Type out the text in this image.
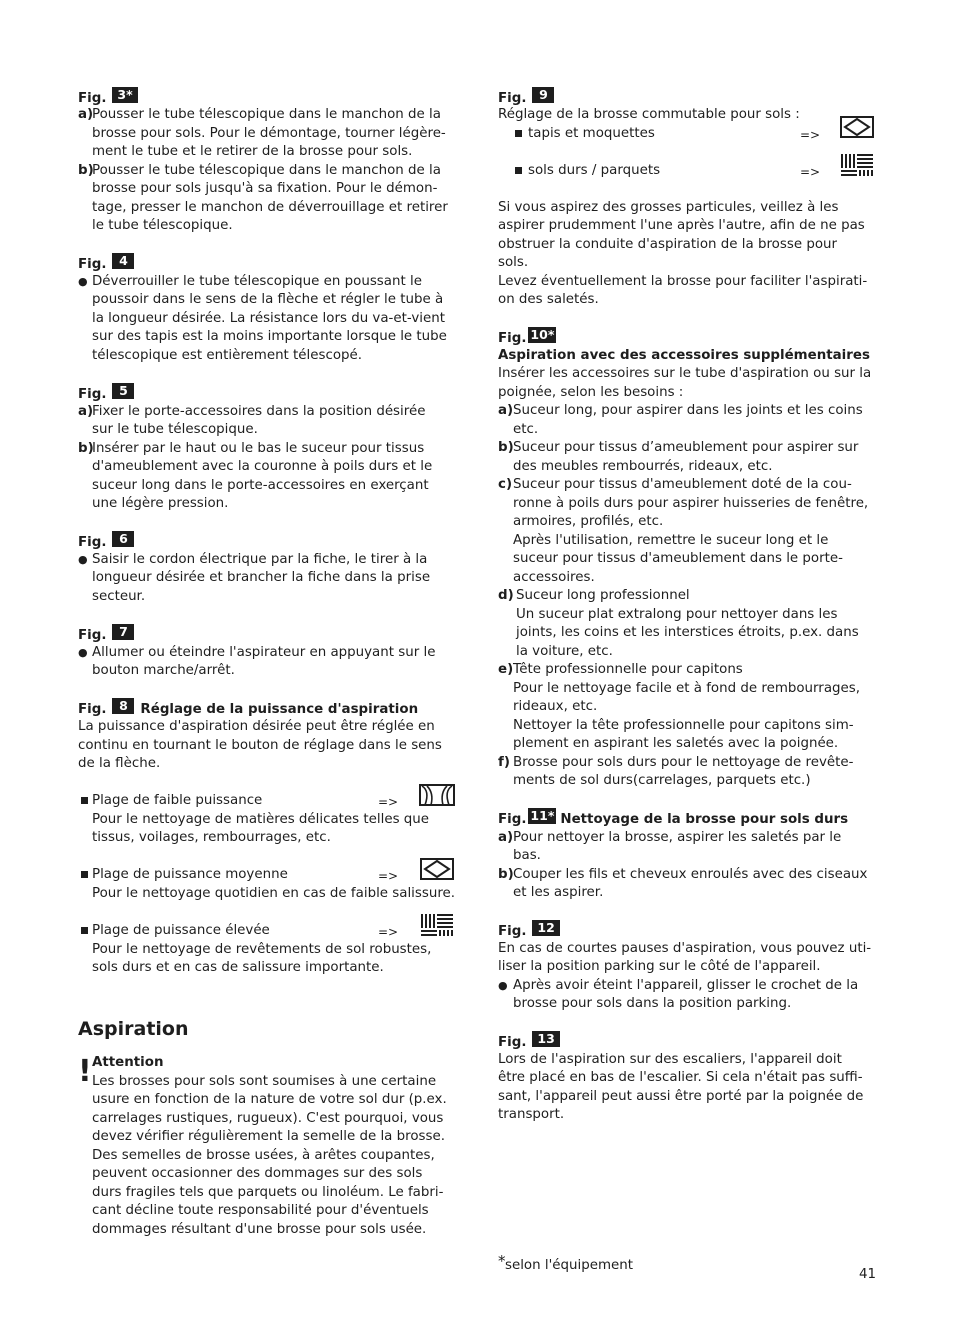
Fig. 3*
a)
Pousser le tube télescopique dans le manchon de la
brosse pour sols. Pour le démontage, tourner légère-
ment le tube et le retirer de la brosse pour sols.
b)
Pousser le tube télescopique dans le manchon de la
brosse pour sols jusqu'à sa fixation. Pour le démon-
tage, presser le manchon de déverrouillage et retirer
le tube télescopique.
Fig. 4
● Déverrouiller le tube télescopique en poussant le
poussoir dans le sens de la flèche et régler le tube à
la longueur désirée. La résistance lors du va-et-vient
sur des tapis est la moins importante lorsque le tube
télescopique est entièrement télescopé.
Fig. 5
a)
Fixer le porte-accessoires dans la position désirée
sur le tube télescopique.
b)
Insérer par le haut ou le bas le suceur pour tissus
d'ameublement avec la couronne à poils durs et le
suceur long dans le porte-accessoires en exerçant
une légère pression.
Fig. 6
● Saisir le cordon électrique par la fiche, le tirer à la
longueur désirée et brancher la fiche dans la prise
secteur.
Fig. 7
● Allumer ou éteindre l'aspirateur en appuyant sur le
bouton marche/arrêt.
Fig. 8 Réglage de la puissance d'aspiration
La puissance d'aspiration désirée peut être réglée en
continu en tournant le bouton de réglage dans le sens
de la flèche.
Plage de faible puissance	=>
Pour le nettoyage de matières délicates telles que
tissus, voilages, rembourrages, etc.
Plage de puissance moyenne	=>
Pour le nettoyage quotidien en cas de faible salissure.
Plage de puissance élevée	=>
Pour le nettoyage de revêtements de sol robustes,
sols durs et en cas de salissure importante.
Aspiration
! Attention
Les brosses pour sols sont soumises à une certaine
usure en fonction de la nature de votre sol dur (p.ex.
carrelages rustiques, rugueux). C'est pourquoi, vous
devez vérifier régulièrement la semelle de la brosse.
Des semelles de brosse usées, à arêtes coupantes,
peuvent occasionner des dommages sur des sols
durs fragiles tels que parquets ou linoléum. Le fabri-
cant décline toute responsabilité pour d'éventuels
dommages résultant d'une brosse pour sols usée.
Fig. 9
Réglage de la brosse commutable pour sols :
tapis et moquettes	=>
sols durs / parquets	=>
Si vous aspirez des grosses particules, veillez à les
aspirer prudemment l'une après l'autre, afin de ne pas
obstruer la conduite d'aspiration de la brosse pour
sols.
Levez éventuellement la brosse pour faciliter l'aspirati-
on des saletés.
Fig. 10*
Aspiration avec des accessoires supplémentaires
Insérer les accessoires sur le tube d'aspiration ou sur la
poignée, selon les besoins :
a) Suceur long, pour aspirer dans les joints et les coins
etc.
b) Suceur pour tissus d’ameublement pour aspirer sur
des meubles rembourrés, rideaux, etc.
c) Suceur pour tissus d'ameublement doté de la cou-
ronne à poils durs pour aspirer huisseries de fenêtre,
armoires, profilés, etc.
Après l'utilisation, remettre le suceur long et le
suceur pour tissus d'ameublement dans le porte-
accessoires.
d) Suceur long professionnel
Un suceur plat extralong pour nettoyer dans les
joints, les coins et les interstices étroits, p.ex. dans
la voiture, etc.
e) Tête professionnelle pour capitons
Pour le nettoyage facile et à fond de rembourrages,
rideaux, etc.
Nettoyer la tête professionnelle pour capitons sim-
plement en aspirant les saletés avec la poignée.
f) Brosse pour sols durs pour le nettoyage de revête-
ments de sol durs(carrelages, parquets etc.)
Fig. 11* Nettoyage de la brosse pour sols durs
a) Pour nettoyer la brosse, aspirer les saletés par le
bas.
b) Couper les fils et cheveux enroulés avec des ciseaux
et les aspirer.
Fig. 12
En cas de courtes pauses d'aspiration, vous pouvez uti-
liser la position parking sur le côté de l'appareil.
● Après avoir éteint l'appareil, glisser le crochet de la
brosse pour sols dans la position parking.
Fig. 13
Lors de l'aspiration sur des escaliers, l'appareil doit
être placé en bas de l'escalier. Si cela n'était pas suffi-
sant, l'appareil peut aussi être porté par la poignée de
transport.
* selon l'équipement
41
